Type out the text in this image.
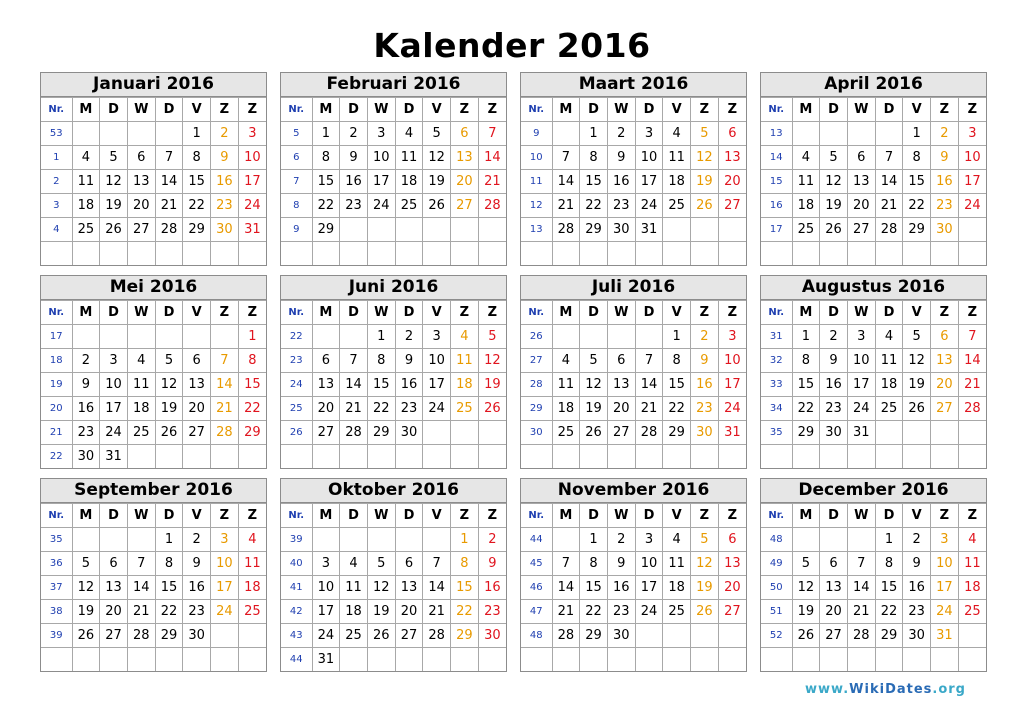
Kalender 2016
Januari 2016
Nr.	M	D	W	D	V	Z	Z
53					1	2	3
1	4	5	6	7	8	9	10
2	11	12	13	14	15	16	17
3	18	19	20	21	22	23	24
4	25	26	27	28	29	30	31

Februari 2016
Nr.	M	D	W	D	V	Z	Z
5	1	2	3	4	5	6	7
6	8	9	10	11	12	13	14
7	15	16	17	18	19	20	21
8	22	23	24	25	26	27	28
9	29						

Maart 2016
Nr.	M	D	W	D	V	Z	Z
9		1	2	3	4	5	6
10	7	8	9	10	11	12	13
11	14	15	16	17	18	19	20
12	21	22	23	24	25	26	27
13	28	29	30	31			

April 2016
Nr.	M	D	W	D	V	Z	Z
13					1	2	3
14	4	5	6	7	8	9	10
15	11	12	13	14	15	16	17
16	18	19	20	21	22	23	24
17	25	26	27	28	29	30	

Mei 2016
Nr.	M	D	W	D	V	Z	Z
17							1
18	2	3	4	5	6	7	8
19	9	10	11	12	13	14	15
20	16	17	18	19	20	21	22
21	23	24	25	26	27	28	29
22	30	31					
Juni 2016
Nr.	M	D	W	D	V	Z	Z
22			1	2	3	4	5
23	6	7	8	9	10	11	12
24	13	14	15	16	17	18	19
25	20	21	22	23	24	25	26
26	27	28	29	30			

Juli 2016
Nr.	M	D	W	D	V	Z	Z
26					1	2	3
27	4	5	6	7	8	9	10
28	11	12	13	14	15	16	17
29	18	19	20	21	22	23	24
30	25	26	27	28	29	30	31

Augustus 2016
Nr.	M	D	W	D	V	Z	Z
31	1	2	3	4	5	6	7
32	8	9	10	11	12	13	14
33	15	16	17	18	19	20	21
34	22	23	24	25	26	27	28
35	29	30	31				

September 2016
Nr.	M	D	W	D	V	Z	Z
35				1	2	3	4
36	5	6	7	8	9	10	11
37	12	13	14	15	16	17	18
38	19	20	21	22	23	24	25
39	26	27	28	29	30		

Oktober 2016
Nr.	M	D	W	D	V	Z	Z
39						1	2
40	3	4	5	6	7	8	9
41	10	11	12	13	14	15	16
42	17	18	19	20	21	22	23
43	24	25	26	27	28	29	30
44	31						
November 2016
Nr.	M	D	W	D	V	Z	Z
44		1	2	3	4	5	6
45	7	8	9	10	11	12	13
46	14	15	16	17	18	19	20
47	21	22	23	24	25	26	27
48	28	29	30				

December 2016
Nr.	M	D	W	D	V	Z	Z
48				1	2	3	4
49	5	6	7	8	9	10	11
50	12	13	14	15	16	17	18
51	19	20	21	22	23	24	25
52	26	27	28	29	30	31	

www.WikiDates.org
